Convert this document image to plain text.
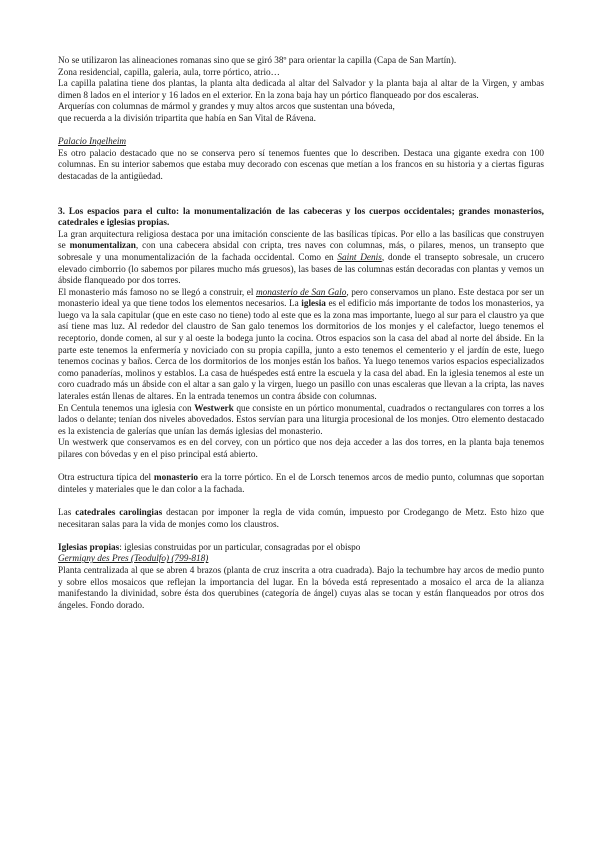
No se utilizaron las alineaciones romanas sino que se giró 38º para orientar la capilla (Capa de San Martín).

Zona residencial, capilla, galeria, aula, torre pórtico, atrio…

La capilla palatina tiene dos plantas, la planta alta dedicada al altar del Salvador y la planta baja al altar de la Virgen, y ambas dimen 8 lados en el interior y 16 lados en el exterior. En la zona baja hay un pórtico flanqueado por dos escaleras.

Arquerías con columnas de mármol y grandes y muy altos arcos que sustentan una bóveda,

que recuerda a la división tripartita que había en San Vital de Rávena.

Palacio Ingelheim

Es otro palacio destacado que no se conserva pero sí tenemos fuentes que lo describen. Destaca una gigante exedra con 100 columnas. En su interior sabemos que estaba muy decorado con escenas que metían a los francos en su historia y a ciertas figuras destacadas de la antigüedad.

3. Los espacios para el culto: la monumentalización de las cabeceras y los cuerpos occidentales; grandes monasterios, catedrales e iglesias propias.

La gran arquitectura religiosa destaca por una imitación consciente de las basílicas típicas. Por ello a las basílicas que construyen se monumentalizan, con una cabecera absidal con cripta, tres naves con columnas, más, o pilares, menos, un transepto que sobresale y una monumentalización de la fachada occidental. Como en Saint Denis, donde el transepto sobresale, un crucero elevado cimborrio (lo sabemos por pilares mucho más gruesos), las bases de las columnas están decoradas con plantas y vemos un ábside flanqueado por dos torres.

El monasterio más famoso no se llegó a construir, el monasterio de San Galo, pero conservamos un plano. Este destaca por ser un monasterio ideal ya que tiene todos los elementos necesarios. La iglesia es el edificio más importante de todos los monasterios, ya luego va la sala capitular (que en este caso no tiene) todo al este que es la zona mas importante, luego al sur para el claustro ya que así tiene mas luz. Al rededor del claustro de San galo tenemos los dormitorios de los monjes y el calefactor, luego tenemos el receptorio, donde comen, al sur y al oeste la bodega junto la cocina. Otros espacios son la casa del abad al norte del ábside. En la parte este tenemos la enfermería y noviciado con su propia capilla, junto a esto tenemos el cementerio y el jardín de este, luego tenemos cocinas y baños. Cerca de los dormitorios de los monjes están los baños. Ya luego tenemos varios espacios especializados como panaderías, molinos y establos. La casa de huéspedes está entre la escuela y la casa del abad. En la iglesia tenemos al este un coro cuadrado más un ábside con el altar a san galo y la virgen, luego un pasillo con unas escaleras que llevan a la cripta, las naves laterales están llenas de altares. En la entrada tenemos un contra ábside con columnas.

En Centula tenemos una iglesia con Westwerk que consiste en un pórtico monumental, cuadrados o rectangulares con torres a los lados o delante; tenían dos niveles abovedados. Estos servían para una liturgia procesional de los monjes. Otro elemento destacado es la existencia de galerías que unían las demás iglesias del monasterio.

Un westwerk que conservamos es en del corvey, con un pórtico que nos deja acceder a las dos torres, en la planta baja tenemos pilares con bóvedas y en el piso principal está abierto.

Otra estructura típica del monasterio era la torre pórtico. En el de Lorsch tenemos arcos de medio punto, columnas que soportan dinteles y materiales que le dan color a la fachada.

Las catedrales carolingias destacan por imponer la regla de vida común, impuesto por Crodegango de Metz. Esto hizo que necesitaran salas para la vida de monjes como los claustros.

Iglesias propias: iglesias construidas por un particular, consagradas por el obispo

Germigny des Pres (Teodulfo) (799-818)

Planta centralizada al que se abren 4 brazos (planta de cruz inscrita a otra cuadrada). Bajo la techumbre hay arcos de medio punto y sobre ellos mosaicos que reflejan la importancia del lugar. En la bóveda está representado a mosaico el arca de la alianza manifestando la divinidad, sobre ésta dos querubines (categoría de ángel) cuyas alas se tocan y están flanqueados por otros dos ángeles. Fondo dorado.
